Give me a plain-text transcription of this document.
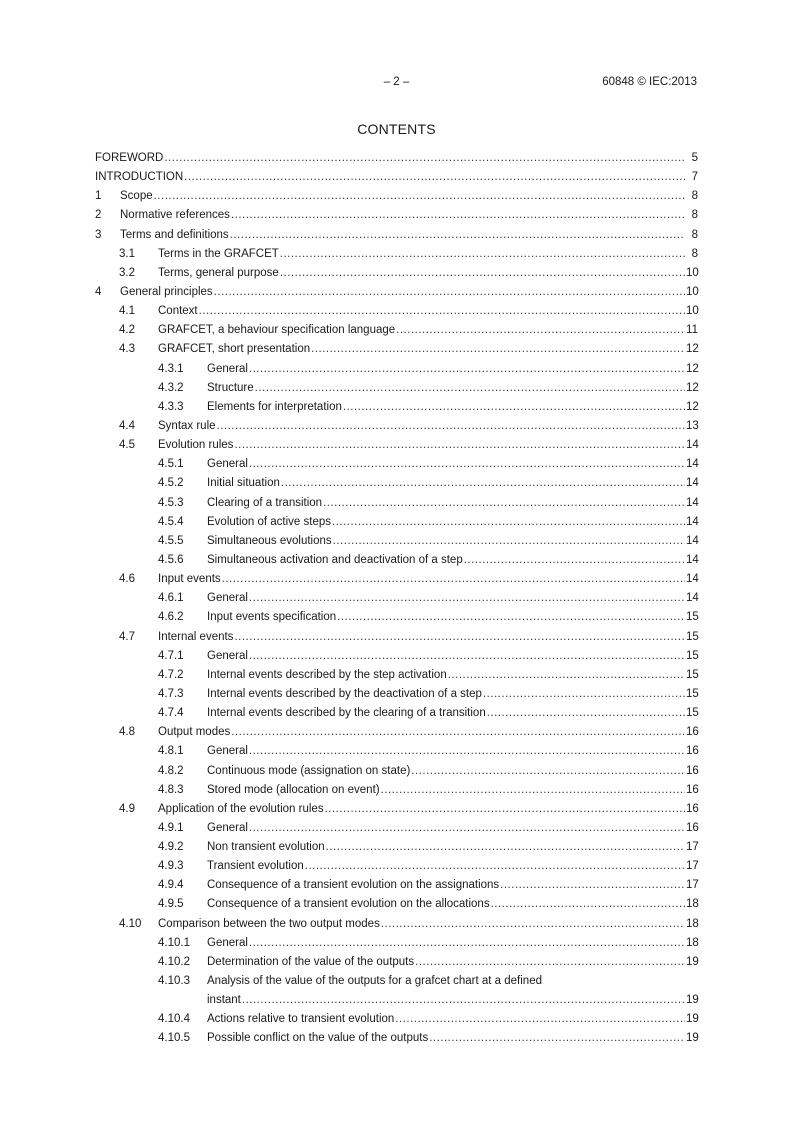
– 2 –	60848 © IEC:2013
CONTENTS
FOREWORD .....	5
INTRODUCTION .....	7
1 Scope .....	8
2 Normative references .....	8
3 Terms and definitions .....	8
3.1 Terms in the GRAFCET .....	8
3.2 Terms, general purpose .....	10
4 General principles .....	10
4.1 Context .....	10
4.2 GRAFCET, a behaviour specification language .....	11
4.3 GRAFCET, short presentation .....	12
4.3.1 General .....	12
4.3.2 Structure .....	12
4.3.3 Elements for interpretation .....	12
4.4 Syntax rule .....	13
4.5 Evolution rules .....	14
4.5.1 General .....	14
4.5.2 Initial situation .....	14
4.5.3 Clearing of a transition .....	14
4.5.4 Evolution of active steps .....	14
4.5.5 Simultaneous evolutions .....	14
4.5.6 Simultaneous activation and deactivation of a step .....	14
4.6 Input events .....	14
4.6.1 General .....	14
4.6.2 Input events specification .....	15
4.7 Internal events .....	15
4.7.1 General .....	15
4.7.2 Internal events described by the step activation .....	15
4.7.3 Internal events described by the deactivation of a step .....	15
4.7.4 Internal events described by the clearing of a transition .....	15
4.8 Output modes .....	16
4.8.1 General .....	16
4.8.2 Continuous mode (assignation on state) .....	16
4.8.3 Stored mode (allocation on event) .....	16
4.9 Application of the evolution rules .....	16
4.9.1 General .....	16
4.9.2 Non transient evolution .....	17
4.9.3 Transient evolution .....	17
4.9.4 Consequence of a transient evolution on the assignations .....	17
4.9.5 Consequence of a transient evolution on the allocations .....	18
4.10 Comparison between the two output modes .....	18
4.10.1 General .....	18
4.10.2 Determination of the value of the outputs .....	19
4.10.3 Analysis of the value of the outputs for a grafcet chart at a defined
instant .....	19
4.10.4 Actions relative to transient evolution .....	19
4.10.5 Possible conflict on the value of the outputs .....	19
